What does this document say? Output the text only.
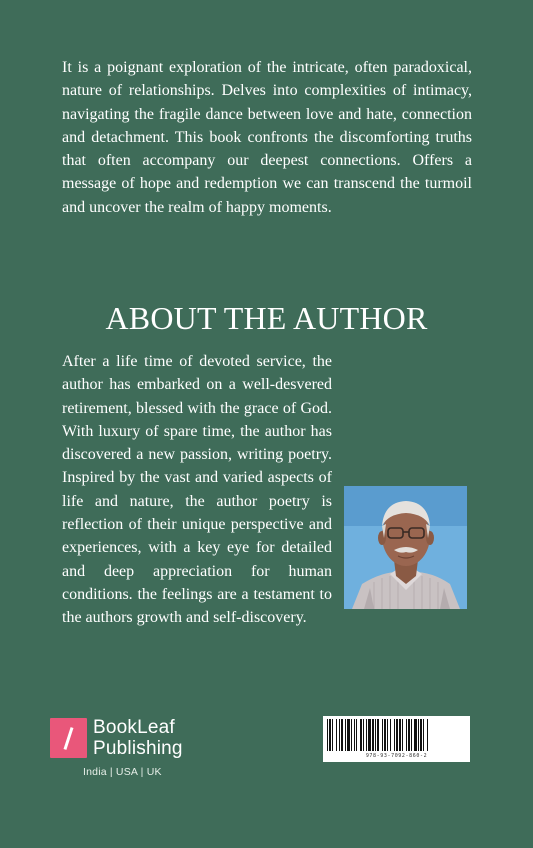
It is a poignant exploration of the intricate, often paradoxical, nature of relationships. Delves into complexities of intimacy, navigating the fragile dance between love and hate, connection and detachment. This book confronts the discomforting truths that often accompany our deepest connections. Offers a message of hope and redemption we can transcend the turmoil and uncover the realm of happy moments.

ABOUT THE AUTHOR

After a life time of devoted service, the author has embarked on a well-desvered retirement, blessed with the grace of God. With luxury of spare time, the author has discovered a new passion, writing poetry. Inspired by the vast and varied aspects of life and nature, the author poetry is reflection of their unique perspective and experiences, with a key eye for detailed and deep appreciation for human conditions. the feelings are a testament to the authors growth and self-discovery.

BookLeaf
Publishing
India | USA | UK
978-93-7092-860-2
